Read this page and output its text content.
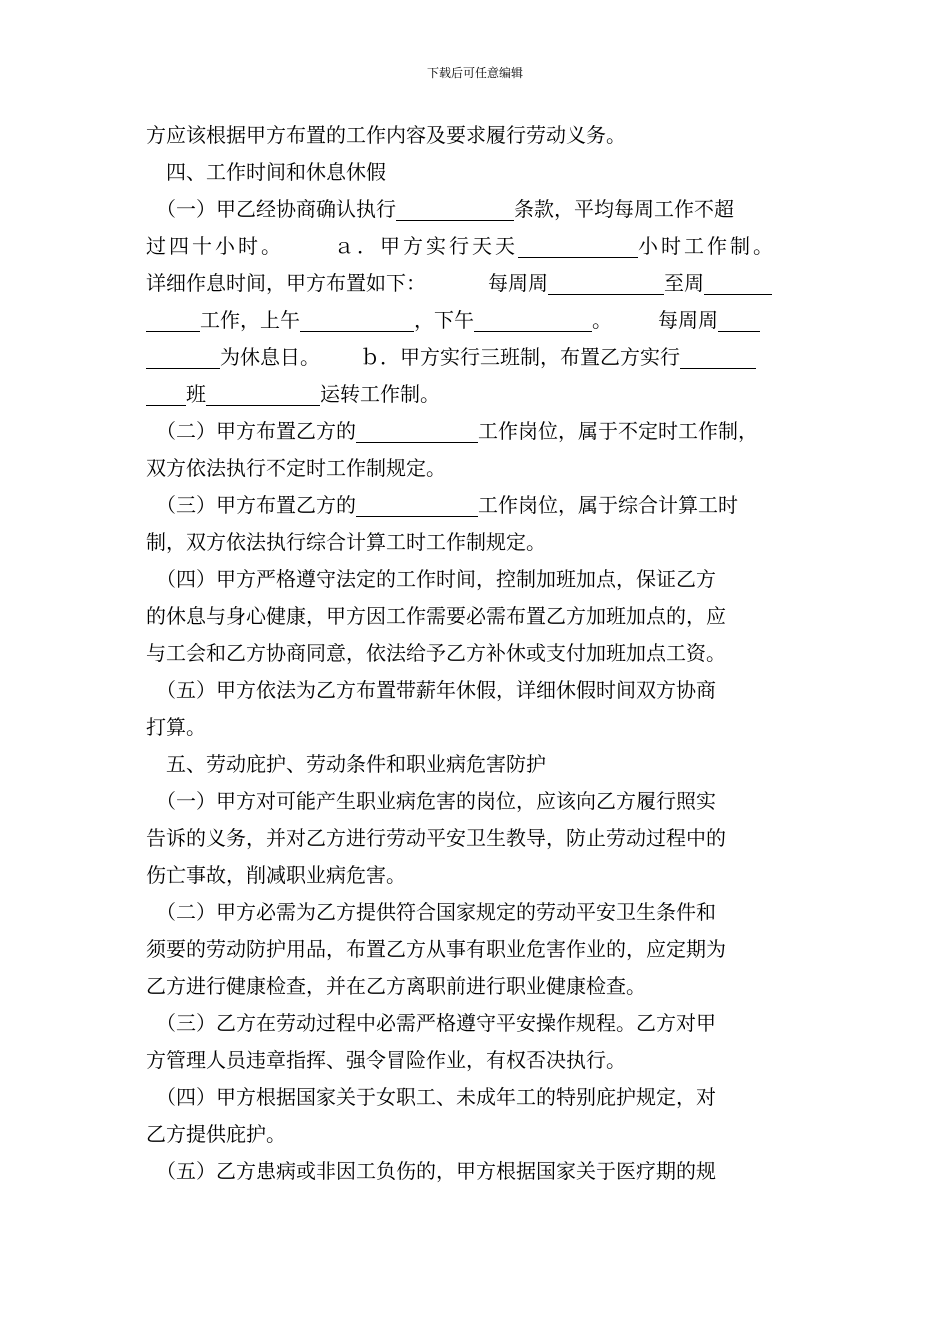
下载后可任意编辑
方应该根据甲方布置的工作内容及要求履行劳动义务。
　四、工作时间和休息休假
　（一）甲乙经协商确认执行	条款，平均每周工作不超
过四十小时。	ａ．甲方实行天天	小时工作制。
详细作息时间，甲方布置如下：	每周周	至周
工作，上午	，下午	。 每周周
为休息日。 ｂ．甲方实行三班制，布置乙方实行
班	运转工作制。
　（二）甲方布置乙方的	工作岗位，属于不定时工作制，
双方依法执行不定时工作制规定。
　（三）甲方布置乙方的	工作岗位，属于综合计算工时
制，双方依法执行综合计算工时工作制规定。
　（四）甲方严格遵守法定的工作时间，控制加班加点，保证乙方
的休息与身心健康，甲方因工作需要必需布置乙方加班加点的，应
与工会和乙方协商同意，依法给予乙方补休或支付加班加点工资。
　（五）甲方依法为乙方布置带薪年休假，详细休假时间双方协商
打算。
　五、劳动庇护、劳动条件和职业病危害防护
　（一）甲方对可能产生职业病危害的岗位，应该向乙方履行照实
告诉的义务，并对乙方进行劳动平安卫生教导，防止劳动过程中的
伤亡事故，削减职业病危害。
　（二）甲方必需为乙方提供符合国家规定的劳动平安卫生条件和
须要的劳动防护用品，布置乙方从事有职业危害作业的，应定期为
乙方进行健康检查，并在乙方离职前进行职业健康检查。
　（三）乙方在劳动过程中必需严格遵守平安操作规程。乙方对甲
方管理人员违章指挥、强令冒险作业，有权否决执行。
　（四）甲方根据国家关于女职工、未成年工的特别庇护规定，对
乙方提供庇护。
　（五）乙方患病或非因工负伤的，甲方根据国家关于医疗期的规
